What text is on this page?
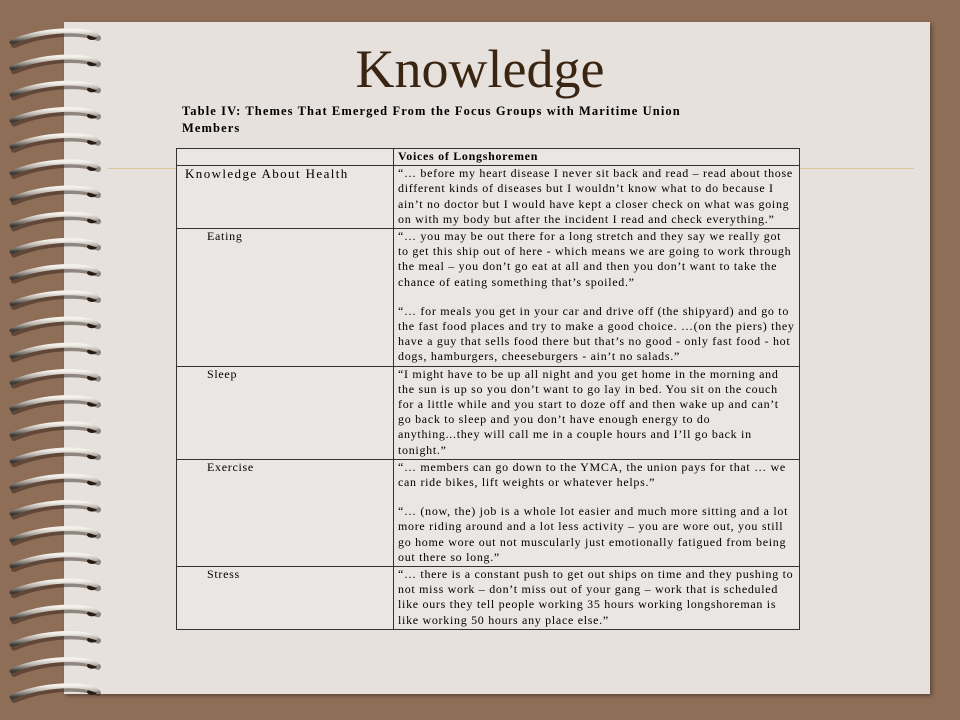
Knowledge
Table IV: Themes That Emerged From the Focus Groups with Maritime Union Members
	Voices of Longshoremen

Knowledge About Health	“… before my heart disease I never sit back and read – read about those different kinds of diseases but I wouldn’t know what to do because I ain’t no doctor but I would have kept a closer check on what was going on with my body but after the incident I read and check everything.”

Eating	“… you may be out there for a long stretch and they say we really got to get this ship out of here - which means we are going to work through the meal – you don’t go eat at all and then you don’t want to take the chance of eating something that’s spoiled.”

“… for meals you get in your car and drive off (the shipyard) and go to the fast food places and try to make a good choice. …(on the piers) they have a guy that sells food there but that’s no good - only fast food - hot dogs, hamburgers, cheeseburgers - ain’t no salads.”

Sleep	“I might have to be up all night and you get home in the morning and the sun is up so you don’t want to go lay in bed. You sit on the couch for a little while and you start to doze off and then wake up and can’t go back to sleep and you don’t have enough energy to do anything...they will call me in a couple hours and I’ll go back in tonight.”

Exercise	“… members can go down to the YMCA, the union pays for that … we can ride bikes, lift weights or whatever helps.”

“… (now, the) job is a whole lot easier and much more sitting and a lot more riding around and a lot less activity – you are wore out, you still go home wore out not muscularly just emotionally fatigued from being out there so long.”

Stress	“… there is a constant push to get out ships on time and they pushing to not miss work – don’t miss out of your gang – work that is scheduled like ours they tell people working 35 hours working longshoreman is like working 50 hours any place else.”
